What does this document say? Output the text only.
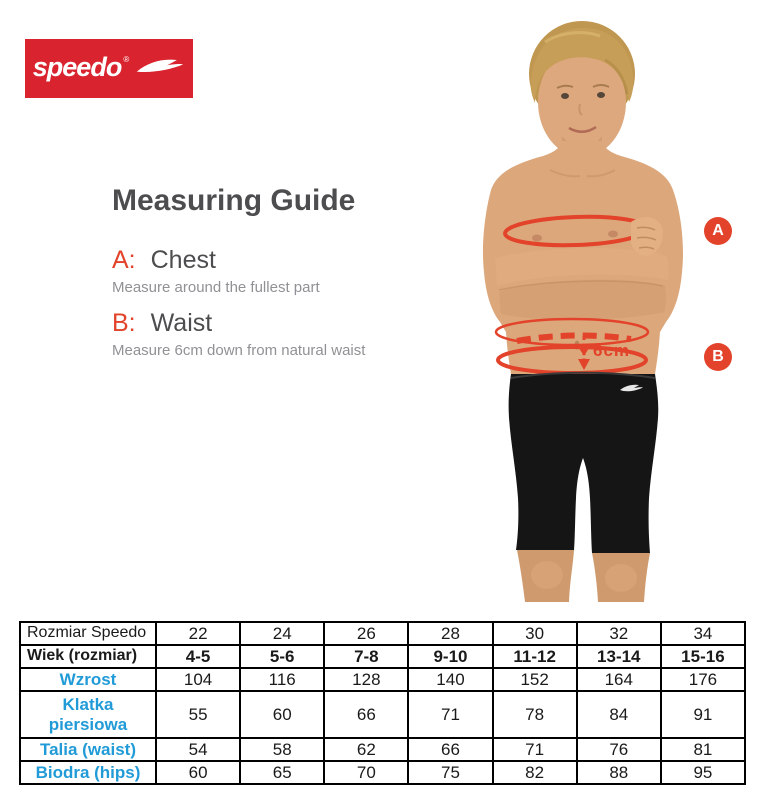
speedo ®
Measuring Guide
A: Chest
Measure around the fullest part
B: Waist
Measure 6cm down from natural waist	6cm
A
B
Rozmiar Speedo	22	24	26	28	30	32	34
Wiek (rozmiar)	4-5	5-6	7-8	9-10	11-12	13-14	15-16
Wzrost	104	116	128	140	152	164	176
Klatka piersiowa	55	60	66	71	78	84	91
Talia (waist)	54	58	62	66	71	76	81
Biodra (hips)	60	65	70	75	82	88	95
